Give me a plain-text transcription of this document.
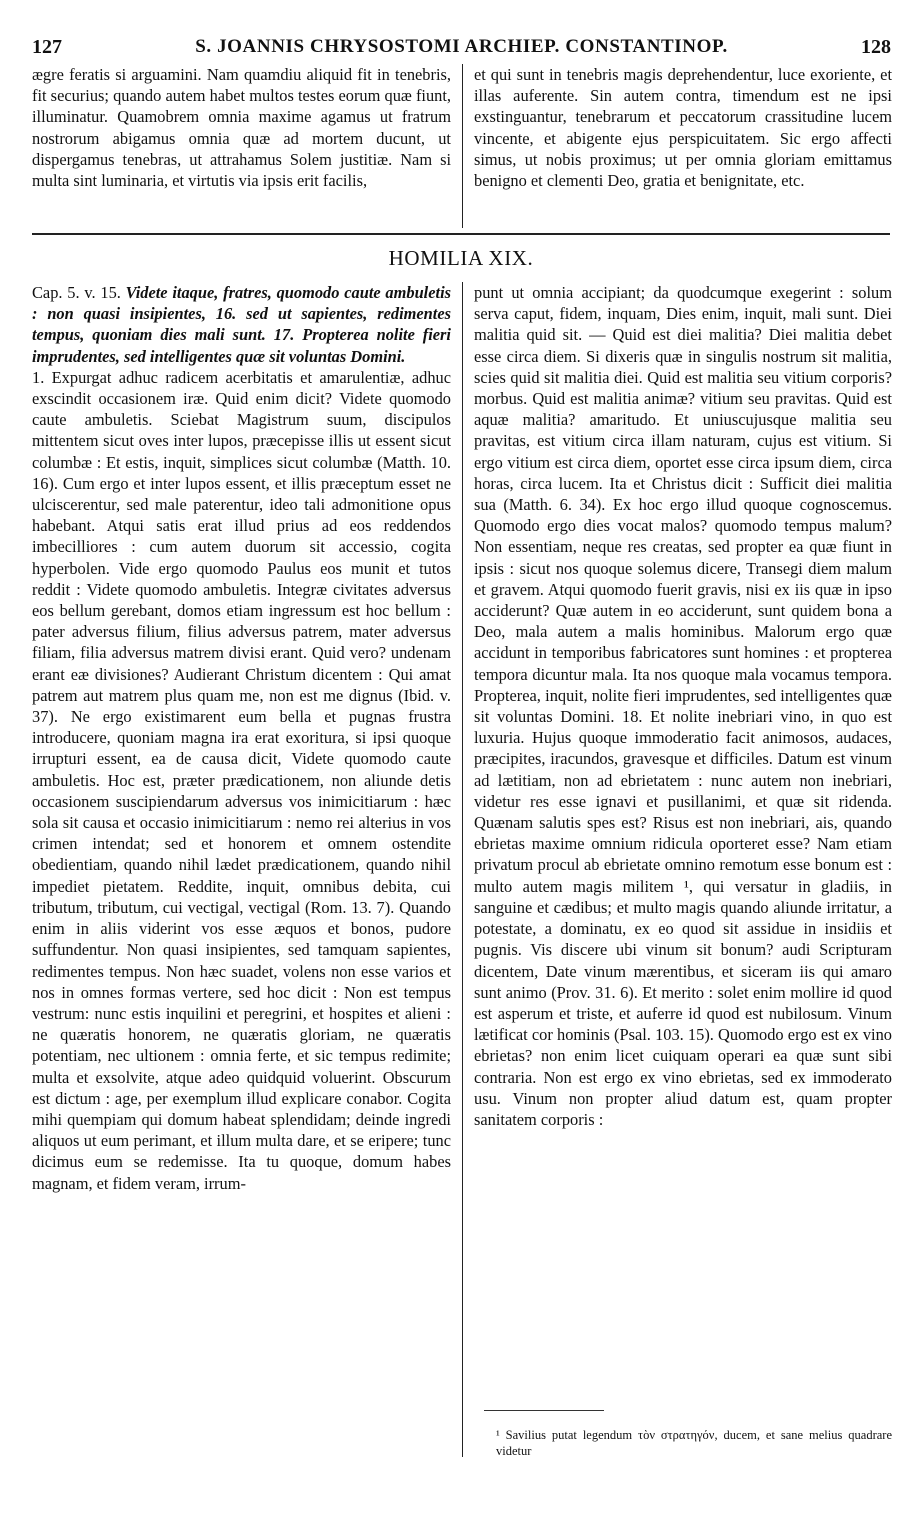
127	S. JOANNIS CHRYSOSTOMI ARCHIEP. CONSTANTINOP.	128

ægre feratis si arguamini. Nam quamdiu aliquid fit in tenebris, fit securius; quando autem habet multos testes eorum quæ fiunt, illuminatur. Quamobrem omnia maxime agamus ut fratrum nostrorum abigamus omnia quæ ad mortem ducunt, ut dispergamus tenebras, ut attrahamus Solem justitiæ. Nam si multa sint luminaria, et virtutis via ipsis erit facilis,

et qui sunt in tenebris magis deprehendentur, luce exoriente, et illas auferente. Sin autem contra, timendum est ne ipsi exstinguantur, tenebrarum et peccatorum crassitudine lucem vincente, et abigente ejus perspicuitatem. Sic ergo affecti simus, ut nobis proximus; ut per omnia gloriam emittamus benigno et clementi Deo, gratia et benignitate, etc.

HOMILIA XIX.

Cap. 5. v. 15. Videte itaque, fratres, quomodo caute ambuletis : non quasi insipientes, 16. sed ut sapientes, redimentes tempus, quoniam dies mali sunt. 17. Propterea nolite fieri imprudentes, sed intelligentes quæ sit voluntas Domini.

1. Expurgat adhuc radicem acerbitatis et amarulentiæ, adhuc exscindit occasionem iræ. Quid enim dicit? Videte quomodo caute ambuletis. Sciebat Magistrum suum, discipulos mittentem sicut oves inter lupos, præcepisse illis ut essent sicut columbæ : Et estis, inquit, simplices sicut columbæ (Matth. 10. 16). Cum ergo et inter lupos essent, et illis præceptum esset ne ulciscerentur, sed male paterentur, ideo tali admonitione opus habebant. Atqui satis erat illud prius ad eos reddendos imbecilliores : cum autem duorum sit accessio, cogita hyperbolen. Vide ergo quomodo Paulus eos munit et tutos reddit : Videte quomodo ambuletis. Integræ civitates adversus eos bellum gerebant, domos etiam ingressum est hoc bellum : pater adversus filium, filius adversus patrem, mater adversus filiam, filia adversus matrem divisi erant. Quid vero? undenam erant eæ divisiones? Audierant Christum dicentem : Qui amat patrem aut matrem plus quam me, non est me dignus (Ibid. v. 37). Ne ergo existimarent eum bella et pugnas frustra introducere, quoniam magna ira erat exoritura, si ipsi quoque irrupturi essent, ea de causa dicit, Videte quomodo caute ambuletis. Hoc est, præter prædicationem, non aliunde detis occasionem suscipiendarum adversus vos inimicitiarum : hæc sola sit causa et occasio inimicitiarum : nemo rei alterius in vos crimen intendat; sed et honorem et omnem ostendite obedientiam, quando nihil lædet prædicationem, quando nihil impediet pietatem. Reddite, inquit, omnibus debita, cui tributum, tributum, cui vectigal, vectigal (Rom. 13. 7). Quando enim in aliis viderint vos esse æquos et bonos, pudore suffundentur. Non quasi insipientes, sed tamquam sapientes, redimentes tempus. Non hæc suadet, volens non esse varios et nos in omnes formas vertere, sed hoc dicit : Non est tempus vestrum: nunc estis inquilini et peregrini, et hospites et alieni : ne quæratis honorem, ne quæratis gloriam, ne quæratis potentiam, nec ultionem : omnia ferte, et sic tempus redimite; multa et exsolvite, atque adeo quidquid voluerint. Obscurum est dictum : age, per exemplum illud explicare conabor. Cogita mihi quempiam qui domum habeat splendidam; deinde ingredi aliquos ut eum perimant, et illum multa dare, et se eripere; tunc dicimus eum se redemisse. Ita tu quoque, domum habes magnam, et fidem veram, irrum-

punt ut omnia accipiant; da quodcumque exegerint : solum serva caput, fidem, inquam, Dies enim, inquit, mali sunt. Diei malitia quid sit. — Quid est diei malitia? Diei malitia debet esse circa diem. Si dixeris quæ in singulis nostrum sit malitia, scies quid sit malitia diei. Quid est malitia seu vitium corporis? morbus. Quid est malitia animæ? vitium seu pravitas. Quid est aquæ malitia? amaritudo. Et uniuscujusque malitia seu pravitas, est vitium circa illam naturam, cujus est vitium. Si ergo vitium est circa diem, oportet esse circa ipsum diem, circa horas, circa lucem. Ita et Christus dicit : Sufficit diei malitia sua (Matth. 6. 34). Ex hoc ergo illud quoque cognoscemus. Quomodo ergo dies vocat malos? quomodo tempus malum? Non essentiam, neque res creatas, sed propter ea quæ fiunt in ipsis : sicut nos quoque solemus dicere, Transegi diem malum et gravem. Atqui quomodo fuerit gravis, nisi ex iis quæ in ipso acciderunt? Quæ autem in eo acciderunt, sunt quidem bona a Deo, mala autem a malis hominibus. Malorum ergo quæ accidunt in temporibus fabricatores sunt homines : et propterea tempora dicuntur mala. Ita nos quoque mala vocamus tempora. Propterea, inquit, nolite fieri imprudentes, sed intelligentes quæ sit voluntas Domini. 18. Et nolite inebriari vino, in quo est luxuria. Hujus quoque immoderatio facit animosos, audaces, præcipites, iracundos, gravesque et difficiles. Datum est vinum ad lætitiam, non ad ebrietatem : nunc autem non inebriari, videtur res esse ignavi et pusillanimi, et quæ sit ridenda. Quænam salutis spes est? Risus est non inebriari, ais, quando ebrietas maxime omnium ridicula oporteret esse? Nam etiam privatum procul ab ebrietate omnino remotum esse bonum est : multo autem magis militem ¹, qui versatur in gladiis, in sanguine et cædibus; et multo magis quando aliunde irritatur, a potestate, a dominatu, ex eo quod sit assidue in insidiis et pugnis. Vis discere ubi vinum sit bonum? audi Scripturam dicentem, Date vinum mærentibus, et siceram iis qui amaro sunt animo (Prov. 31. 6). Et merito : solet enim mollire id quod est asperum et triste, et auferre id quod est nubilosum. Vinum lætificat cor hominis (Psal. 103. 15). Quomodo ergo est ex vino ebrietas? non enim licet cuiquam operari ea quæ sunt sibi contraria. Non est ergo ex vino ebrietas, sed ex immoderato usu. Vinum non propter aliud datum est, quam propter sanitatem corporis :

¹ Savilius putat legendum τὸν στρατηγόν, ducem, et sane melius quadrare videtur
